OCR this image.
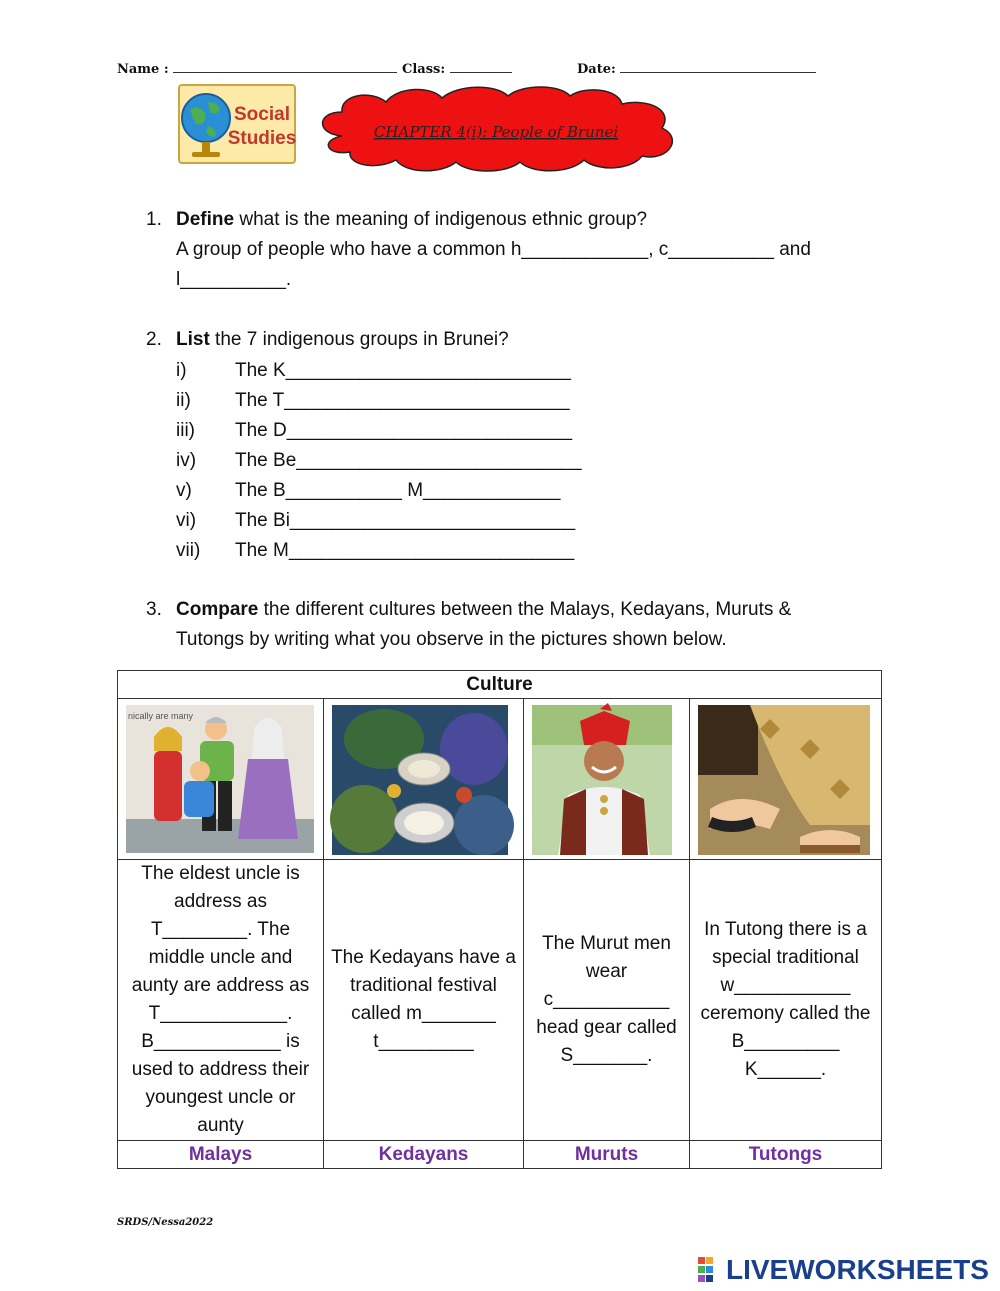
Name :	Class:	Date:
Social
Studies	CHAPTER 4(i): People of Brunei
1. Define what is the meaning of indigenous ethnic group?
A group of people who have a common h____________, c__________ and
l__________.
2. List the 7 indigenous groups in Brunei?
i)	The K___________________________
ii) The T___________________________
iii) The D___________________________
iv) The Be___________________________
v) The B___________ M_____________
vi) The Bi___________________________
vii) The M___________________________
3. Compare the different cultures between the Malays, Kedayans, Muruts &
Tutongs by writing what you observe in the pictures shown below.
Culture			

nically are many

The eldest uncle is address as T________. The middle uncle and aunty are address as T____________. B____________ is used to address their youngest uncle or aunty	The Kedayans have a traditional festival called m_______ t_________	The Murut men wear c___________ head gear called S_______.	In Tutong there is a special traditional w___________ ceremony called the B_________ K______.
Malays	Kedayans	Muruts	Tutongs
SRDS/Nessa2022
LIVEWORKSHEETS
